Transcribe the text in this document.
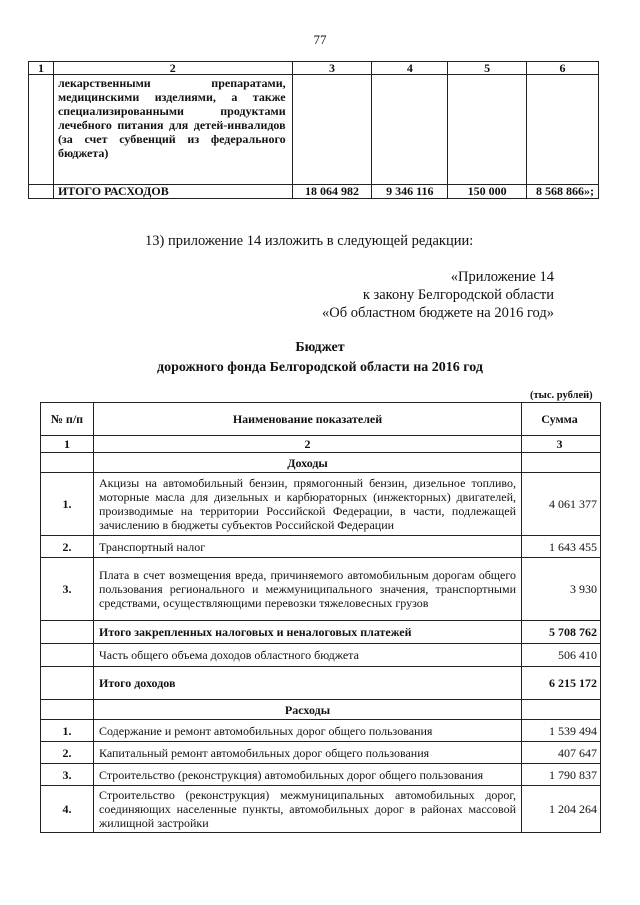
77
1	2	3	4	5	6
	лекарственными препаратами, медицинскими изделиями, а также специализированными продуктами лечебного питания для детей-инвалидов (за счет субвенций из федерального бюджета)				
	ИТОГО РАСХОДОВ	18 064 982	9 346 116	150 000	8 568 866»;
13) приложение 14 изложить в следующей редакции:
«Приложение 14
к закону Белгородской области
«Об областном бюджете на 2016 год»
Бюджет
дорожного фонда Белгородской области на 2016 год
(тыс. рублей)
№ п/п	Наименование показателей	Сумма
1	2	3
	Доходы	
1.	Акцизы на автомобильный бензин, прямогонный бензин, дизельное топливо, моторные масла для дизельных и карбюраторных (инжекторных) двигателей, производимые на территории Российской Федерации, в части, подлежащей зачислению в бюджеты субъектов Российской Федерации	4 061 377
2.	Транспортный налог	1 643 455
3.	Плата в счет возмещения вреда, причиняемого автомобильным дорогам общего пользования регионального и межмуниципального значения, транспортными средствами, осуществляющими перевозки тяжеловесных грузов	3 930
	Итого закрепленных налоговых и неналоговых платежей	5 708 762
	Часть общего объема доходов областного бюджета	506 410
	Итого доходов	6 215 172
	Расходы	
1.	Содержание и ремонт автомобильных дорог общего пользования	1 539 494
2.	Капитальный ремонт автомобильных дорог общего пользования	407 647
3.	Строительство (реконструкция) автомобильных дорог общего пользования	1 790 837
4.	Строительство (реконструкция) межмуниципальных автомобильных дорог, соединяющих населенные пункты, автомобильных дорог в районах массовой жилищной застройки	1 204 264
